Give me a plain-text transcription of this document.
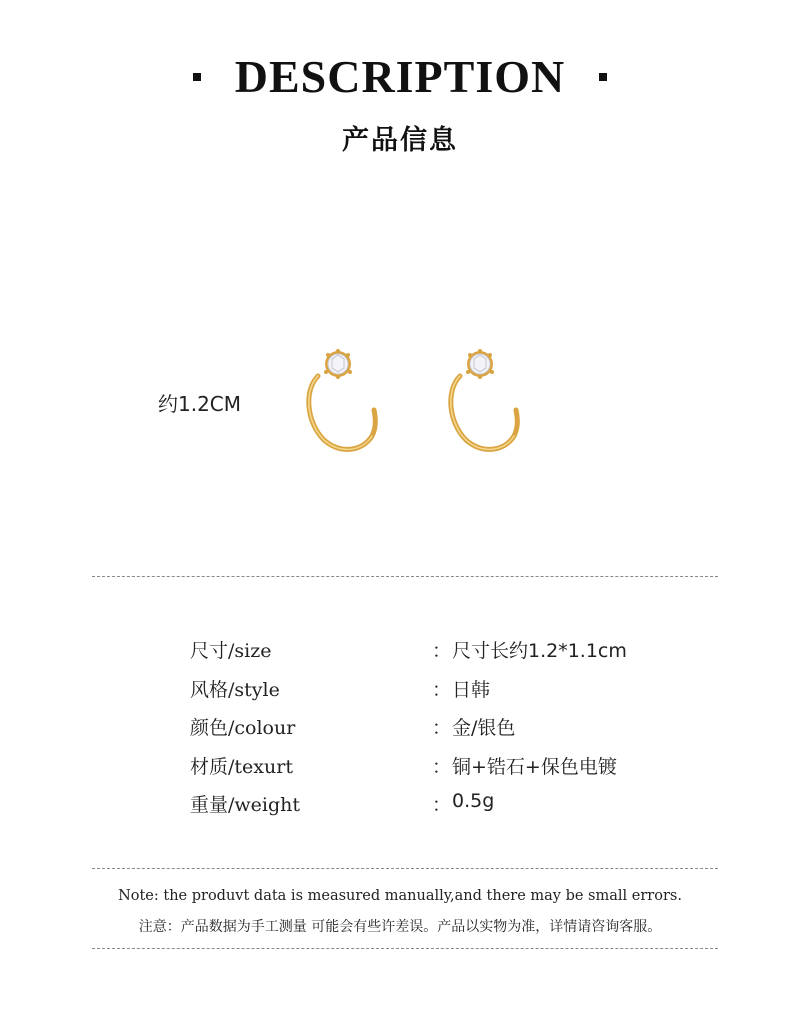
DESCRIPTION
产品信息
约1.2CM
尺寸/size	： 尺寸长约1.2*1.1cm
风格/style	： 日韩
颜色/colour	： 金/银色
材质/texurt	： 铜+锆石+保色电镀
重量/weight	： 0.5g
Note: the produvt data is measured manually,and there may be small errors.
注意：产品数据为手工测量 可能会有些许差误。产品以实物为准，详情请咨询客服。
